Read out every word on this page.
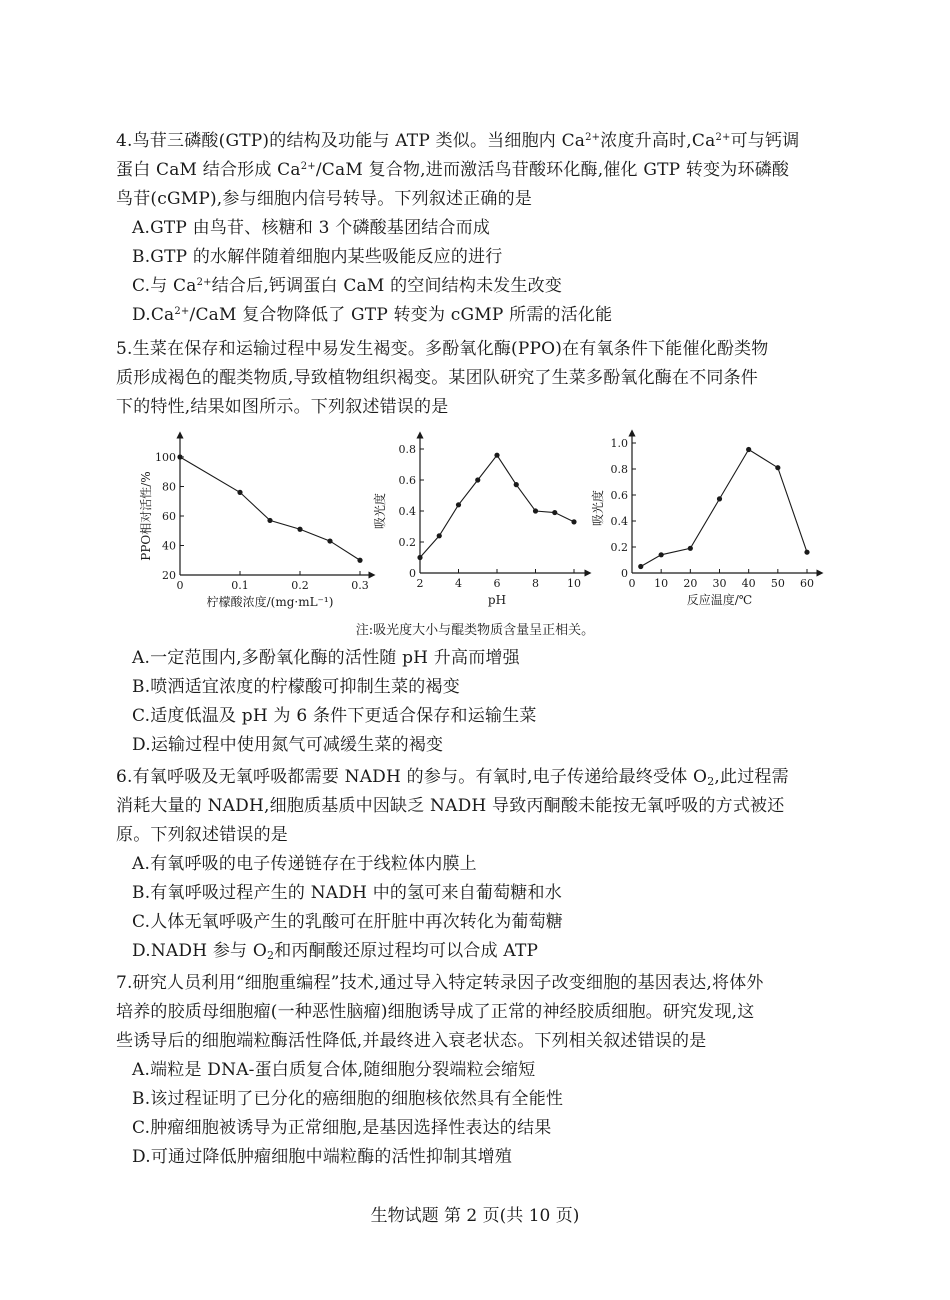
4.鸟苷三磷酸(GTP)的结构及功能与 ATP 类似。当细胞内 $Ca^{2+}$浓度升高时$,Ca^{2+}$可与钙调
蛋白 CaM 结合形成 $Ca^{2+}$/CaM 复合物,进而激活鸟苷酸环化酶,催化 GTP 转变为环磷酸
鸟苷(cGMP),参与细胞内信号转导。下列叙述正确的是
A.GTP 由鸟苷、核糖和 3 个磷酸基团结合而成
B.GTP 的水解伴随着细胞内某些吸能反应的进行
C.与 $Ca^{2+}$结合后,钙调蛋白 CaM 的空间结构未发生改变
$D.Ca^{2+}$/CaM 复合物降低了 GTP 转变为 cGMP 所需的活化能
5.生菜在保存和运输过程中易发生褐变。多酚氧化酶(PPO)在有氧条件下能催化酚类物
质形成褐色的醌类物质,导致植物组织褐变。某团队研究了生菜多酚氧化酶在不同条件
下的特性,结果如图所示。下列叙述错误的是
20
40
60
80
100
0	0.1	0.2	0.3
柠檬酸浓度/(mg·mL⁻¹)
PPO相对活性/%
0
0.2
0.4
0.6
0.8
2	4	6	8	10
pH
吸光度
0
0.2
0.4
0.6
0.8
1.0
0 10 20 30 40 50 60
反应温度/℃
吸光度
注:吸光度大小与醌类物质含量呈正相关。
A.一定范围内,多酚氧化酶的活性随 pH 升高而增强
B.喷洒适宜浓度的柠檬酸可抑制生菜的褐变
C.适度低温及 pH 为 6 条件下更适合保存和运输生菜
D.运输过程中使用氮气可减缓生菜的褐变
6.有氧呼吸及无氧呼吸都需要 NADH 的参与。有氧时,电子传递给最终受体 $O_2$,此过程需
消耗大量的 NADH,细胞质基质中因缺乏 NADH 导致丙酮酸未能按无氧呼吸的方式被还
原。下列叙述错误的是
A.有氧呼吸的电子传递链存在于线粒体内膜上
B.有氧呼吸过程产生的 NADH 中的氢可来自葡萄糖和水
C.人体无氧呼吸产生的乳酸可在肝脏中再次转化为葡萄糖
D.NADH 参与 $O_2$和丙酮酸还原过程均可以合成 ATP
7.研究人员利用“细胞重编程”技术,通过导入特定转录因子改变细胞的基因表达,将体外
培养的胶质母细胞瘤(一种恶性脑瘤)细胞诱导成了正常的神经胶质细胞。研究发现,这
些诱导后的细胞端粒酶活性降低,并最终进入衰老状态。下列相关叙述错误的是
A.端粒是 DNA-蛋白质复合体,随细胞分裂端粒会缩短
B.该过程证明了已分化的癌细胞的细胞核依然具有全能性
C.肿瘤细胞被诱导为正常细胞,是基因选择性表达的结果
D.可通过降低肿瘤细胞中端粒酶的活性抑制其增殖
生物试题 第 2 页(共 10 页)
